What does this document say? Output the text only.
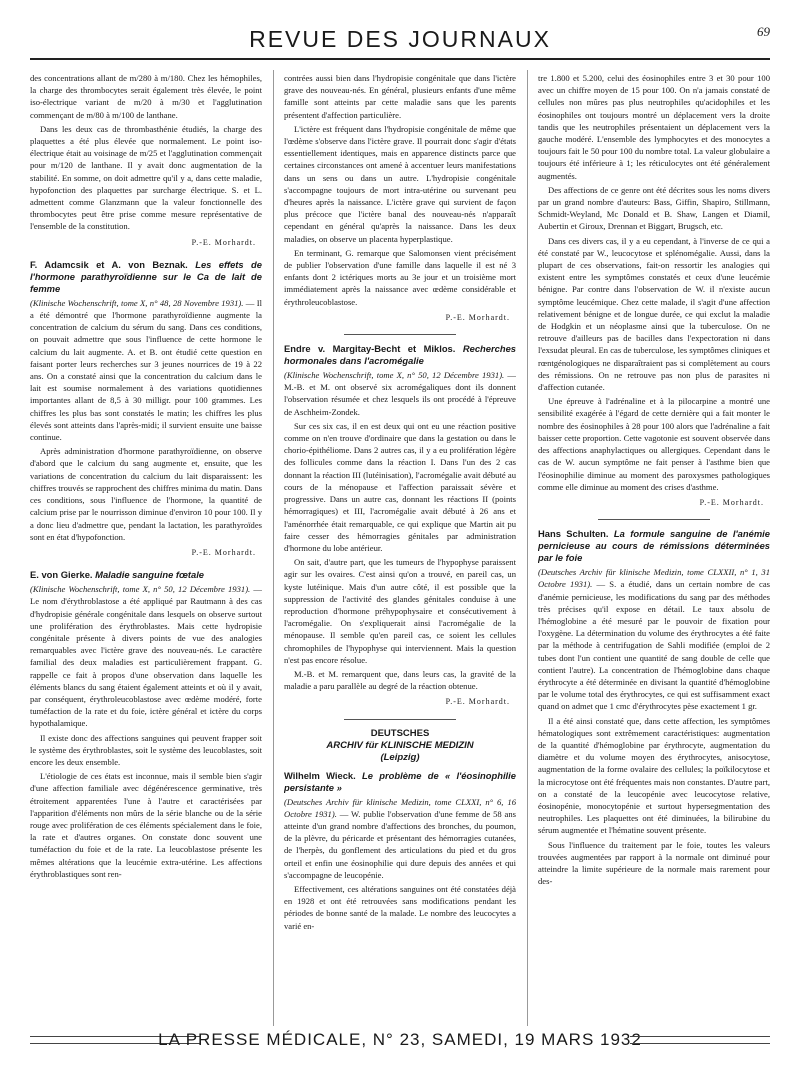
REVUE DES JOURNAUX	69

des concentrations allant de m/280 à m/180. Chez les hémophiles, la charge des thrombocytes serait également très élevée, le point iso-électrique variant de m/20 à m/30 et l'agglutination commençant de m/80 à m/100 de lanthane.

Dans les deux cas de thrombasthénie étudiés, la charge des plaquettes a été plus élevée que normalement. Le point iso-électrique était au voisinage de m/25 et l'agglutination commençait pour m/120 de lanthane. Il y avait donc augmentation de la stabilité. En somme, on doit admettre qu'il y a, dans cette maladie, hypofonction des plaquettes par surcharge électrique. S. et L. admettent comme Glanzmann que la valeur fonctionnelle des thrombocytes peut être prise comme mesure représentative de l'ensemble de la constitution.

P.-E. Morhardt.

F. Adamcsik et A. von Beznak. Les effets de l'hormone parathyroïdienne sur le Ca de lait de femme

(Klinische Wochenschrift, tome X, n° 48, 28 Novembre 1931). — Il a été démontré que l'hormone parathyroïdienne augmente la concentration de calcium du sérum du sang. Dans ces conditions, on pouvait admettre que sous l'influence de cette hormone le calcium du lait augmente. A. et B. ont étudié cette question en faisant porter leurs recherches sur 3 jeunes nourrices de 19 à 22 ans. On a constaté ainsi que la concentration du calcium dans le lait est soumise normalement à des variations quotidiennes importantes allant de 8,5 à 30 milligr. pour 100 grammes. Les chiffres les plus bas sont constatés le matin; les chiffres les plus élevés sont atteints dans l'après-midi; il survient ensuite une baisse continue.

Après administration d'hormone parathyroïdienne, on observe d'abord que le calcium du sang augmente et, ensuite, que les variations de concentration du calcium du lait disparaissent: les chiffres trouvés se rapprochent des chiffres minima du matin. Dans ces conditions, sous l'influence de l'hormone, la quantité de calcium prise par le nourrisson diminue d'environ 10 pour 100. Il y a donc lieu d'admettre que, pendant la lactation, les parathyroïdes sont en état d'hypofonction.

P.-E. Morhardt.

E. von Gierke. Maladie sanguine fœtale

(Klinische Wochenschrift, tome X, n° 50, 12 Décembre 1931). — Le nom d'érythroblastose a été appliqué par Rautmann à des cas d'hydropisie générale congénitale dans lesquels on observe surtout une prolifération des érythroblastes. Mais cette hydropisie congénitale présente à divers points de vue des analogies remarquables avec l'ictère grave des nouveau-nés. Le caractère familial des deux maladies est particulièrement frappant. G. rappelle ce fait à propos d'une observation dans laquelle les éléments blancs du sang étaient également atteints et où il y avait, par conséquent, érythroleucoblastose avec œdème modéré, forte tuméfaction de la rate et du foie, ictère général et ictère du corps hypothalamique.

Il existe donc des affections sanguines qui peuvent frapper soit le système des érythroblastes, soit le système des leucoblastes, soit encore les deux ensemble.

L'étiologie de ces états est inconnue, mais il semble bien s'agir d'une affection familiale avec dégénérescence germinative, très étroitement apparentées l'une à l'autre et caractérisées par l'apparition d'éléments non mûrs de la série blanche ou de la série rouge avec prolifération de ces éléments spécialement dans le foie, la rate et d'autres organes. On constate donc souvent une tuméfaction du foie et de la rate. La leucoblastose présente les mêmes altérations que la leucémie extra-utérine. Les affections érythroblastiques sont ren-

contrées aussi bien dans l'hydropisie congénitale que dans l'ictère grave des nouveau-nés. En général, plusieurs enfants d'une même famille sont atteints par cette maladie sans que les parents présentent d'affection particulière.

L'ictère est fréquent dans l'hydropisie congénitale de même que l'œdème s'observe dans l'ictère grave. Il pourrait donc s'agir d'états essentiellement identiques, mais en apparence distincts parce que certaines circonstances ont amené à accentuer leurs manifestations dans un sens ou dans un autre. L'hydropisie congénitale s'accompagne toujours de mort intra-utérine ou survenant peu d'heures après la naissance. L'ictère grave qui survient de façon plus précoce que l'ictère banal des nouveau-nés n'apparaît cependant en général qu'après la naissance. Dans les deux maladies, on observe un placenta hyperplastique.

En terminant, G. remarque que Salomonsen vient précisément de publier l'observation d'une famille dans laquelle il est né 3 enfants dont 2 ictériques morts au 3e jour et un troisième mort immédiatement après la naissance avec œdème considérable et érythroleucoblastose.

P.-E. Morhardt.

Endre v. Margitay-Becht et Miklos. Recherches hormonales dans l'acromégalie

(Klinische Wochenschrift, tome X, n° 50, 12 Décembre 1931). — M.-B. et M. ont observé six acromégaliques dont ils donnent l'observation résumée et chez lesquels ils ont procédé à l'épreuve de Aschheim-Zondek.

Sur ces six cas, il en est deux qui ont eu une réaction positive comme on n'en trouve d'ordinaire que dans la gestation ou dans le chorio-épithéliome. Dans 2 autres cas, il y a eu prolifération légère des follicules comme dans la réaction I. Dans l'un des 2 cas donnant la réaction III (lutéinisation), l'acromégalie avait débuté au cours de la ménopause et l'affection paraissait sévère et progressive. Dans un autre cas, donnant les réactions II (points hémorragiques) et III, l'acromégalie avait débuté à 26 ans et l'aménorrhée était remarquable, ce qui explique que Martin ait pu faire cesser des hémorragies génitales par administration d'hormone du lobe antérieur.

On sait, d'autre part, que les tumeurs de l'hypophyse paraissent agir sur les ovaires. C'est ainsi qu'on a trouvé, en pareil cas, un kyste lutéinique. Mais d'un autre côté, il est possible que la suppression de l'activité des glandes génitales conduise à une reproduction d'hormone préhypophysaire et consécutivement à l'acromégalie. On s'expliquerait ainsi l'acromégalie de la ménopause. Il semble qu'en pareil cas, ce soient les cellules chromophiles de l'hypophyse qui interviennent. Mais la question n'est pas encore résolue.

M.-B. et M. remarquent que, dans leurs cas, la gravité de la maladie a paru parallèle au degré de la réaction obtenue.

P.-E. Morhardt.
DEUTSCHES
ARCHIV für KLINISCHE MEDIZIN
(Leipzig)

Wilhelm Wieck. Le problème de « l'éosinophilie persistante »

(Deutsches Archiv für klinische Medizin, tome CLXXI, n° 6, 16 Octobre 1931). — W. publie l'observation d'une femme de 58 ans atteinte d'un grand nombre d'affections des bronches, du poumon, de la plèvre, du péricarde et présentant des hémorragies cutanées, de l'herpès, du gonflement des articulations du pied et du gros orteil et enfin une éosinophilie qui dure depuis des années et qui s'accompagne de leucopénie.

Effectivement, ces altérations sanguines ont été constatées déjà en 1928 et ont été retrouvées sans modifications pendant les périodes de bonne santé de la malade. Le nombre des leucocytes a varié en-

tre 1.800 et 5.200, celui des éosinophiles entre 3 et 30 pour 100 avec un chiffre moyen de 15 pour 100. On n'a jamais constaté de cellules non mûres pas plus neutrophiles qu'acidophiles et les éosinophiles ont toujours montré un déplacement vers la droite tandis que les neutrophiles présentaient un déplacement vers la gauche modéré. L'ensemble des lymphocytes et des monocytes a toujours fait le 50 pour 100 du nombre total. La valeur globulaire a toujours été inférieure à 1; les réticulocytes ont été généralement augmentés.

Des affections de ce genre ont été décrites sous les noms divers par un grand nombre d'auteurs: Bass, Giffin, Shapiro, Stillmann, Schmidt-Weyland, Mc Donald et B. Shaw, Langen et Diamil, Aubertin et Giroux, Drennan et Biggart, Brugsch, etc.

Dans ces divers cas, il y a eu cependant, à l'inverse de ce qui a été constaté par W., leucocytose et splénomégalie. Aussi, dans la plupart de ces observations, fait-on ressortir les analogies qui existent entre les symptômes constatés et ceux d'une leucémie bénigne. Par contre dans l'observation de W. il n'existe aucun symptôme leucémique. Chez cette malade, il s'agit d'une affection relativement bénigne et de longue durée, ce qui exclut la maladie de Hodgkin et un néoplasme ainsi que la tuberculose. On ne retrouve d'ailleurs pas de bacilles dans l'expectoration ni dans l'exsudat pleural. En cas de tuberculose, les symptômes cliniques et rœntgénologiques ne disparaîtraient pas si complètement au cours des rémissions. On ne retrouve pas non plus de parasites ni d'affection cutanée.

Une épreuve à l'adrénaline et à la pilocarpine a montré une sensibilité exagérée à l'égard de cette dernière qui a fait monter le nombre des éosinophiles à 28 pour 100 alors que l'adrénaline a fait baisser cette proportion. Cette vagotonie est souvent observée dans des affections anaphylactiques ou allergiques. Cependant dans le cas de W. aucun symptôme ne fait penser à l'asthme bien que l'éosinophilie diminue au moment des paroxysmes pathologiques comme elle diminue au moment des crises d'asthme.

P.-E. Morhardt.

Hans Schulten. La formule sanguine de l'anémie pernicieuse au cours de rémissions déterminées par le foie

(Deutsches Archiv für klinische Medizin, tome CLXXII, n° 1, 31 Octobre 1931). — S. a étudié, dans un certain nombre de cas d'anémie pernicieuse, les modifications du sang par des méthodes très précises qu'il expose en détail. Le taux absolu de l'hémoglobine a été mesuré par le pouvoir de fixation pour l'oxygène. La détermination du volume des érythrocytes a été faite par la méthode à centrifugation de Sahli modifiée (emploi de 2 tubes dont l'un contient une quantité de sang double de celle que contient l'autre). La concentration de l'hémoglobine dans chaque érythrocyte a été déterminée en divisant la quantité d'hémoglobine par le volume total des érythrocytes, ce qui est suffisamment exact quand on admet que 1 cmc d'érythrocytes pèse exactement 1 gr.

Il a été ainsi constaté que, dans cette affection, les symptômes hématologiques sont extrêmement caractéristiques: augmentation de la quantité d'hémoglobine par érythrocyte, augmentation du diamètre et du volume moyen des érythrocytes, anisocytose, augmentation de la forme ovalaire des cellules; la poïkilocytose et la microcytose ont été fréquentes mais non constantes. D'autre part, on a constaté de la leucopénie avec leucocytose relative, éosinopénie, monocytopénie et surtout hypersegmentation des neutrophiles. Les plaquettes ont été diminuées, la bilirubine du sérum augmentée et l'hématine souvent présente.

Sous l'influence du traitement par le foie, toutes les valeurs trouvées augmentées par rapport à la normale ont diminué pour atteindre la limite supérieure de la normale mais rarement pour des-

LA PRESSE MÉDICALE, N° 23, SAMEDI, 19 MARS 1932
